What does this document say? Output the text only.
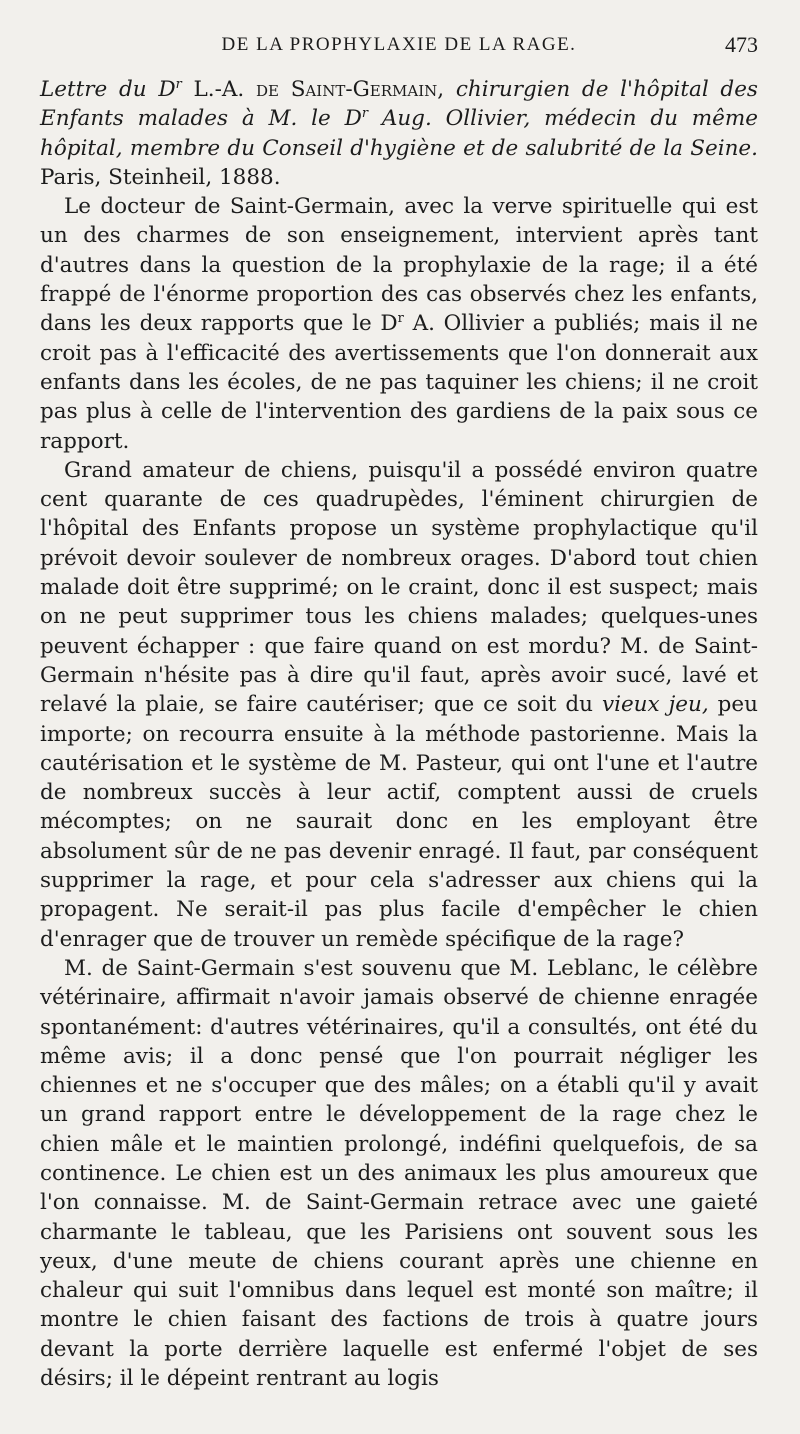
DE LA PROPHYLAXIE DE LA RAGE.	473

Lettre du $D^r$ L.-A. de Saint-Germain, chirurgien de l'hôpital des Enfants malades à M. le $D^r$ Aug. Ollivier, médecin du même hôpital, membre du Conseil d'hygiène et de salubrité de la Seine. Paris, Steinheil, 1888.

Le docteur de Saint-Germain, avec la verve spirituelle qui est un des charmes de son enseignement, intervient après tant d'autres dans la question de la prophylaxie de la rage; il a été frappé de l'énorme proportion des cas observés chez les enfants, dans les deux rapports que le $D^r$ A. Ollivier a publiés; mais il ne croit pas à l'efficacité des avertissements que l'on donnerait aux enfants dans les écoles, de ne pas taquiner les chiens; il ne croit pas plus à celle de l'intervention des gardiens de la paix sous ce rapport.

Grand amateur de chiens, puisqu'il a possédé environ quatre cent quarante de ces quadrupèdes, l'éminent chirurgien de l'hôpital des Enfants propose un système prophylactique qu'il prévoit devoir soulever de nombreux orages. D'abord tout chien malade doit être supprimé; on le craint, donc il est suspect; mais on ne peut supprimer tous les chiens malades; quelques-unes peuvent échapper : que faire quand on est mordu? M. de Saint-Germain n'hésite pas à dire qu'il faut, après avoir sucé, lavé et relavé la plaie, se faire cautériser; que ce soit du vieux jeu, peu importe; on recourra ensuite à la méthode pastorienne. Mais la cautérisation et le système de M. Pasteur, qui ont l'une et l'autre de nombreux succès à leur actif, comptent aussi de cruels mécomptes; on ne saurait donc en les employant être absolument sûr de ne pas devenir enragé. Il faut, par conséquent supprimer la rage, et pour cela s'adresser aux chiens qui la propagent. Ne serait-il pas plus facile d'empêcher le chien d'enrager que de trouver un remède spécifique de la rage?

M. de Saint-Germain s'est souvenu que M. Leblanc, le célèbre vétérinaire, affirmait n'avoir jamais observé de chienne enragée spontanément: d'autres vétérinaires, qu'il a consultés, ont été du même avis; il a donc pensé que l'on pourrait négliger les chiennes et ne s'occuper que des mâles; on a établi qu'il y avait un grand rapport entre le développement de la rage chez le chien mâle et le maintien prolongé, indéfini quelquefois, de sa continence. Le chien est un des animaux les plus amoureux que l'on connaisse. M. de Saint-Germain retrace avec une gaieté charmante le tableau, que les Parisiens ont souvent sous les yeux, d'une meute de chiens courant après une chienne en chaleur qui suit l'omnibus dans lequel est monté son maître; il montre le chien faisant des factions de trois à quatre jours devant la porte derrière laquelle est enfermé l'objet de ses désirs; il le dépeint rentrant au logis
